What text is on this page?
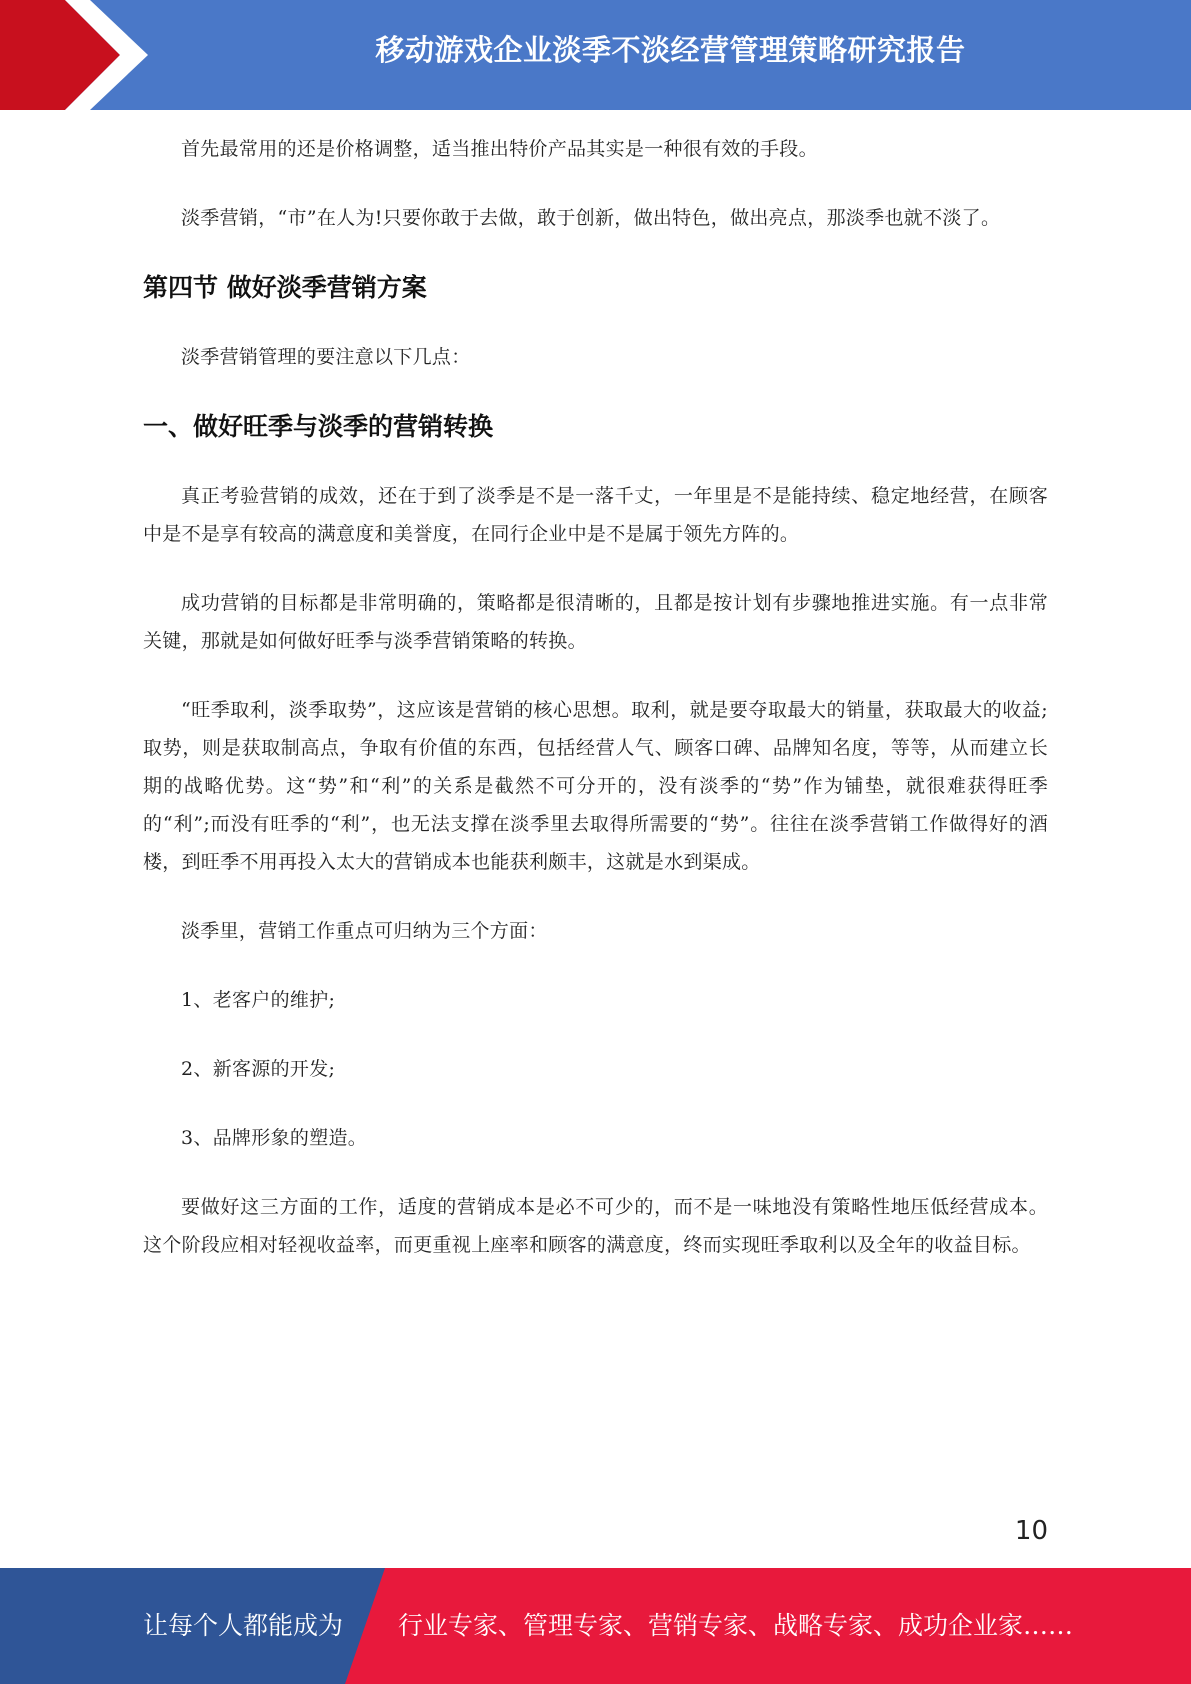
移动游戏企业淡季不淡经营管理策略研究报告

首先最常用的还是价格调整，适当推出特价产品其实是一种很有效的手段。

淡季营销，“市”在人为!只要你敢于去做，敢于创新，做出特色，做出亮点，那淡季也就不淡了。

第四节 做好淡季营销方案

淡季营销管理的要注意以下几点：

一、做好旺季与淡季的营销转换

真正考验营销的成效，还在于到了淡季是不是一落千丈，一年里是不是能持续、稳定地经营，在顾客中是不是享有较高的满意度和美誉度，在同行企业中是不是属于领先方阵的。

成功营销的目标都是非常明确的，策略都是很清晰的，且都是按计划有步骤地推进实施。有一点非常关键，那就是如何做好旺季与淡季营销策略的转换。

“旺季取利，淡季取势”，这应该是营销的核心思想。取利，就是要夺取最大的销量，获取最大的收益;取势，则是获取制高点，争取有价值的东西，包括经营人气、顾客口碑、品牌知名度，等等，从而建立长期的战略优势。这“势”和“利”的关系是截然不可分开的，没有淡季的“势”作为铺垫，就很难获得旺季的“利”;而没有旺季的“利”，也无法支撑在淡季里去取得所需要的“势”。往往在淡季营销工作做得好的酒楼，到旺季不用再投入太大的营销成本也能获利颇丰，这就是水到渠成。

淡季里，营销工作重点可归纳为三个方面：

1、老客户的维护;

2、新客源的开发;

3、品牌形象的塑造。

要做好这三方面的工作，适度的营销成本是必不可少的，而不是一味地没有策略性地压低经营成本。这个阶段应相对轻视收益率，而更重视上座率和顾客的满意度，终而实现旺季取利以及全年的收益目标。

10
让每个人都能成为 行业专家、管理专家、营销专家、战略专家、成功企业家……
